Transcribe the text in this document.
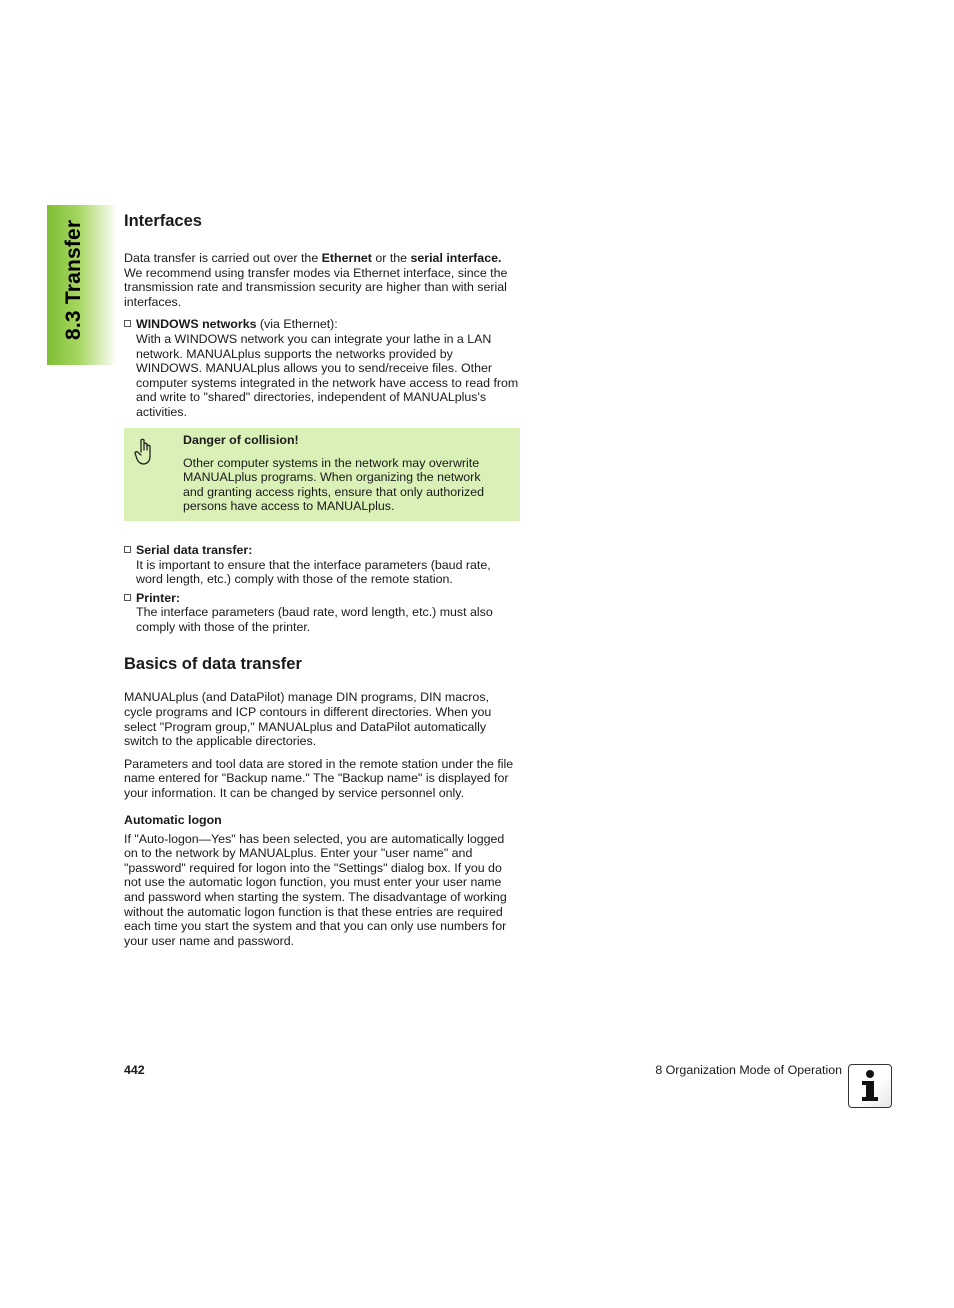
8.3 Transfer Interfaces

Data transfer is carried out over the Ethernet or the serial interface. We recommend using transfer modes via Ethernet interface, since the transmission rate and transmission security are higher than with serial interfaces.

WINDOWS networks (via Ethernet):

With a WINDOWS network you can integrate your lathe in a LAN network. MANUALplus supports the networks provided by WINDOWS. MANUALplus allows you to send/receive files. Other computer systems integrated in the network have access to read from and write to "shared" directories, independent of MANUALplus's activities.

Danger of collision!

Other computer systems in the network may overwrite MANUALplus programs. When organizing the network and granting access rights, ensure that only authorized persons have access to MANUALplus.

Serial data transfer:

It is important to ensure that the interface parameters (baud rate, word length, etc.) comply with those of the remote station.

Printer:

The interface parameters (baud rate, word length, etc.) must also comply with those of the printer.

Basics of data transfer

MANUALplus (and DataPilot) manage DIN programs, DIN macros, cycle programs and ICP contours in different directories. When you select "Program group," MANUALplus and DataPilot automatically switch to the applicable directories.

Parameters and tool data are stored in the remote station under the file name entered for "Backup name." The "Backup name" is displayed for your information. It can be changed by service personnel only.

Automatic logon

If "Auto-logon—Yes" has been selected, you are automatically logged on to the network by MANUALplus. Enter your "user name" and "password" required for logon into the "Settings" dialog box. If you do not use the automatic logon function, you must enter your user name and password when starting the system. The disadvantage of working without the automatic logon function is that these entries are required each time you start the system and that you can only use numbers for your user name and password.

442	8 Organization Mode of Operation
